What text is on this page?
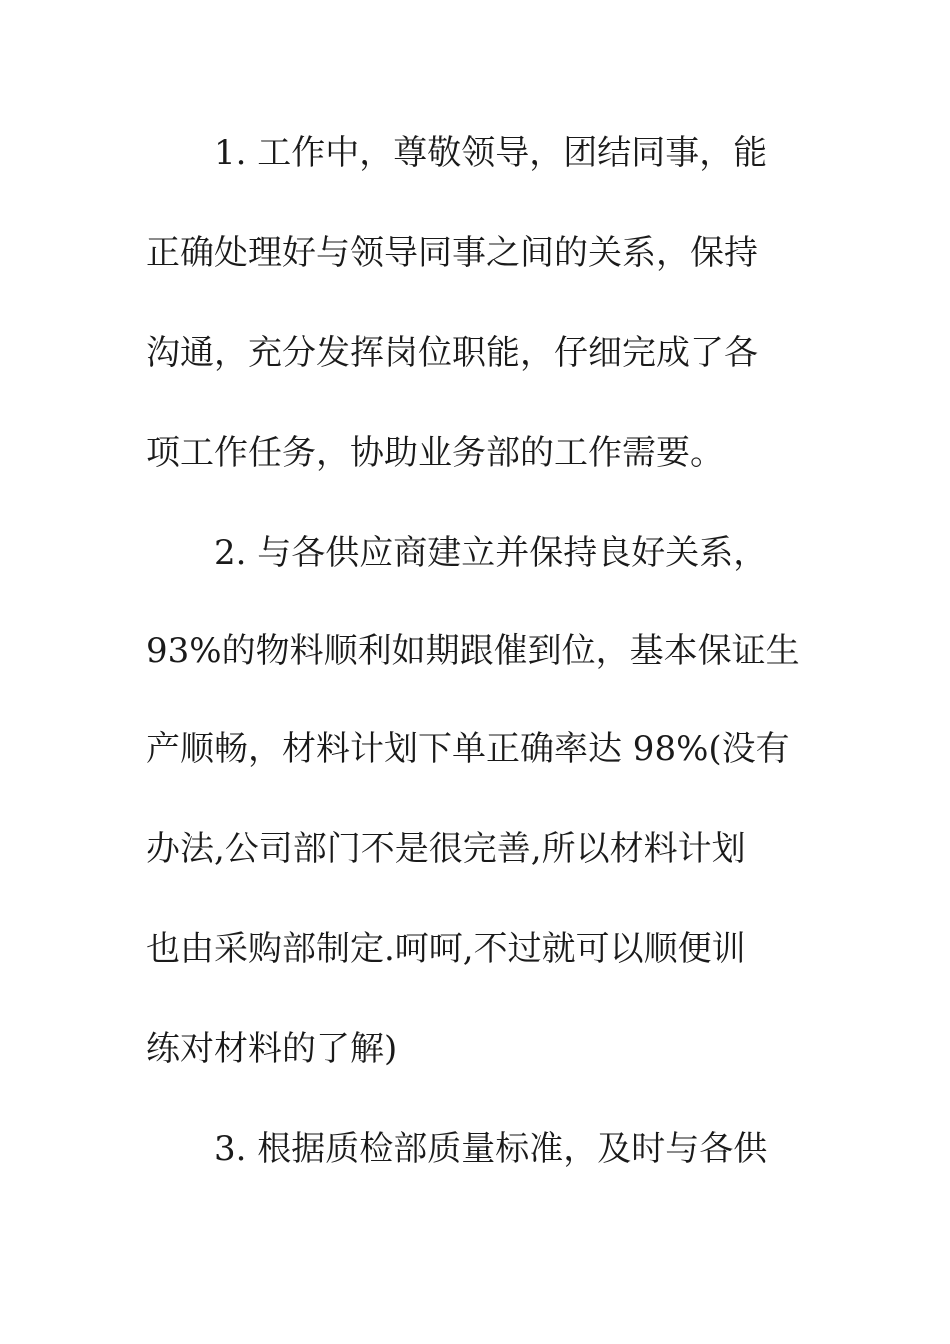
1. 工作中，尊敬领导，团结同事，能
正确处理好与领导同事之间的关系，保持
沟通，充分发挥岗位职能，仔细完成了各
项工作任务，协助业务部的工作需要。
2. 与各供应商建立并保持良好关系，
93%的物料顺利如期跟催到位，基本保证生
产顺畅，材料计划下单正确率达 98%(没有
办法,公司部门不是很完善,所以材料计划
也由采购部制定.呵呵,不过就可以顺便训
练对材料的了解)
3. 根据质检部质量标准，及时与各供
